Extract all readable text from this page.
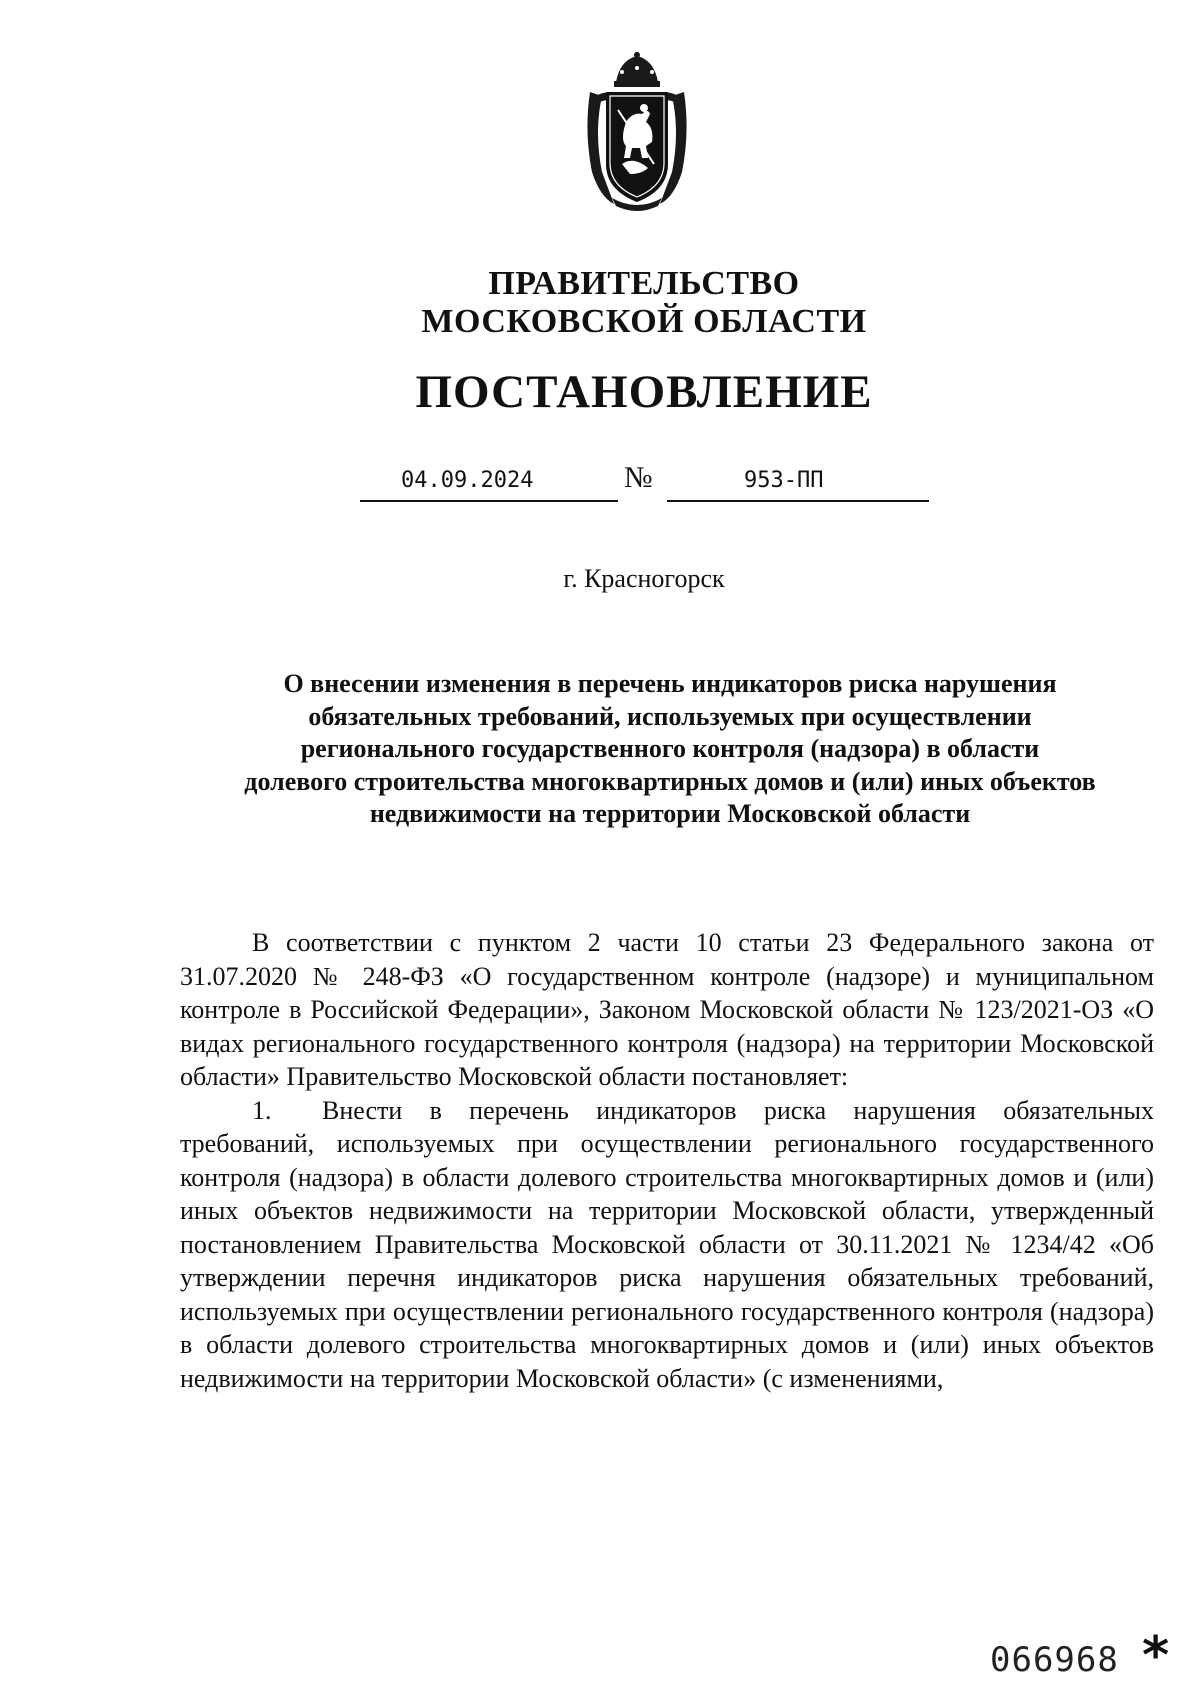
ПРАВИТЕЛЬСТВО
МОСКОВСКОЙ ОБЛАСТИ
ПОСТАНОВЛЕНИЕ
04.09.2024	№	953-ПП
г. Красногорск
О внесении изменения в перечень индикаторов риска нарушения
обязательных требований, используемых при осуществлении
регионального государственного контроля (надзора) в области
долевого строительства многоквартирных домов и (или) иных объектов
недвижимости на территории Московской области

В соответствии с пунктом 2 части 10 статьи 23 Федерального закона от 31.07.2020 № 248-ФЗ «О государственном контроле (надзоре) и муниципальном контроле в Российской Федерации», Законом Московской области № 123/2021-ОЗ «О видах регионального государственного контроля (надзора) на территории Московской области» Правительство Московской области постановляет:

1. Внести в перечень индикаторов риска нарушения обязательных требований, используемых при осуществлении регионального государственного контроля (надзора) в области долевого строительства многоквартирных домов и (или) иных объектов недвижимости на территории Московской области, утвержденный постановлением Правительства Московской области от 30.11.2021 № 1234/42 «Об утверждении перечня индикаторов риска нарушения обязательных требований, используемых при осуществлении регионального государственного контроля (надзора) в области долевого строительства многоквартирных домов и (или) иных объектов недвижимости на территории Московской области» (с изменениями,

066968 *
